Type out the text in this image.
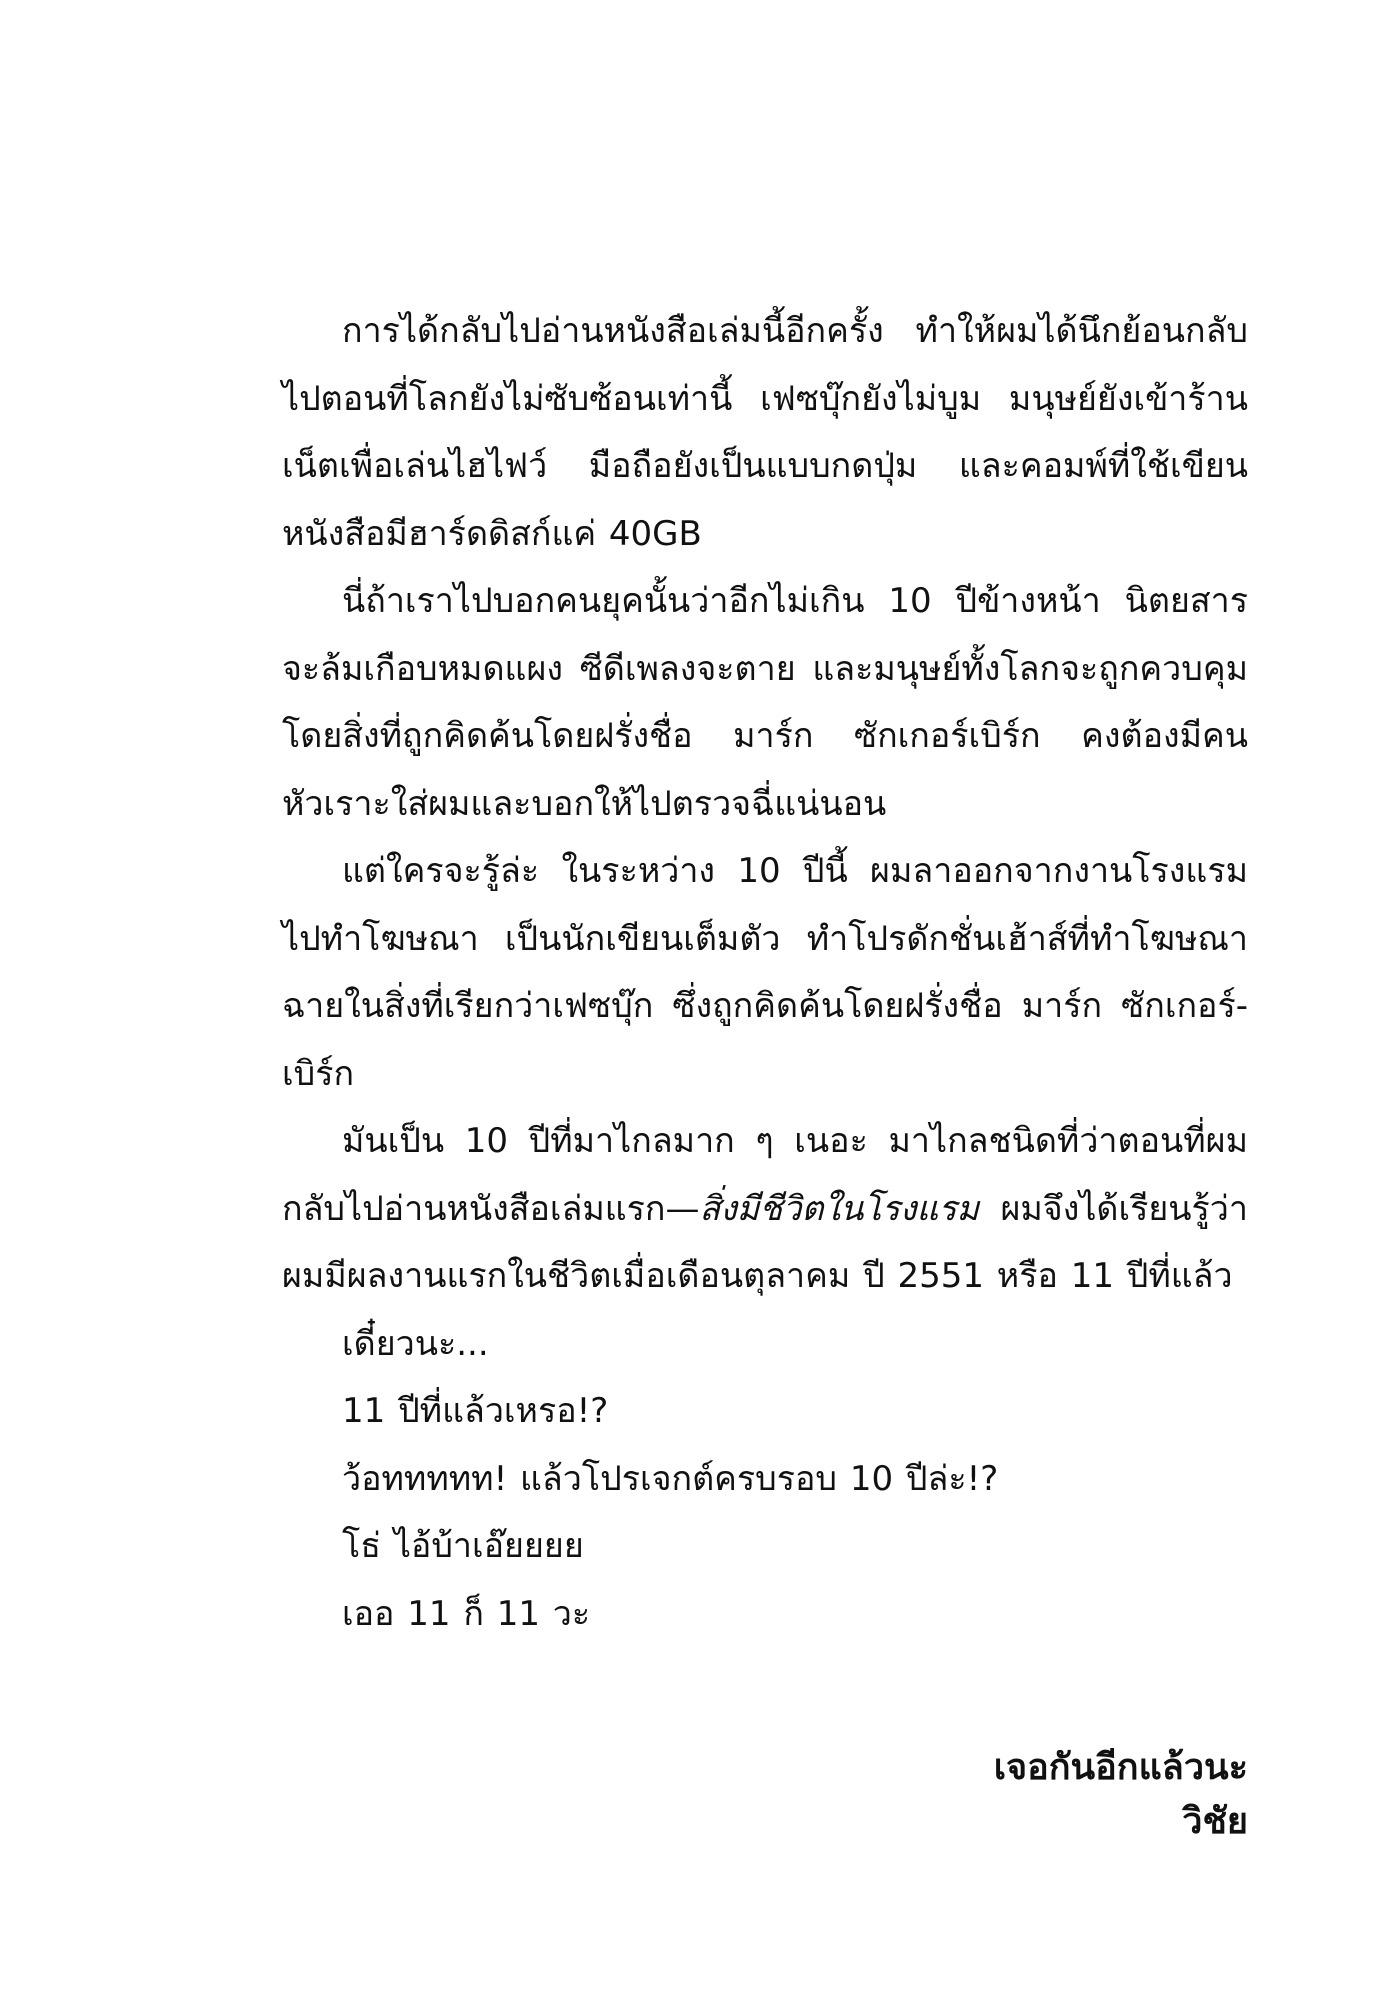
การได้กลับไปอ่านหนังสือเล่มนี้อีกครั้ง ทำให้ผมได้นึกย้อนกลับไปตอนที่โลกยังไม่ซับซ้อนเท่านี้ เฟซบุ๊กยังไม่บูม มนุษย์ยังเข้าร้านเน็ตเพื่อเล่นไฮไฟว์ มือถือยังเป็นแบบกดปุ่ม และคอมพ์ที่ใช้เขียนหนังสือมีฮาร์ดดิสก์แค่ 40GB

นี่ถ้าเราไปบอกคนยุคนั้นว่าอีกไม่เกิน 10 ปีข้างหน้า นิตยสารจะล้มเกือบหมดแผง ซีดีเพลงจะตาย และมนุษย์ทั้งโลกจะถูกควบคุมโดยสิ่งที่ถูกคิดค้นโดยฝรั่งชื่อ มาร์ก ซักเกอร์เบิร์ก คงต้องมีคนหัวเราะใส่ผมและบอกให้ไปตรวจฉี่แน่นอน

แต่ใครจะรู้ล่ะ ในระหว่าง 10 ปีนี้ ผมลาออกจากงานโรงแรมไปทำโฆษณา เป็นนักเขียนเต็มตัว ทำโปรดักชั่นเฮ้าส์ที่ทำโฆษณาฉายในสิ่งที่เรียกว่าเฟซบุ๊ก ซึ่งถูกคิดค้นโดยฝรั่งชื่อ มาร์ก ซักเกอร์-เบิร์ก

มันเป็น 10 ปีที่มาไกลมาก ๆ เนอะ มาไกลชนิดที่ว่าตอนที่ผมกลับไปอ่านหนังสือเล่มแรก—สิ่งมีชีวิตในโรงแรม ผมจึงได้เรียนรู้ว่าผมมีผลงานแรกในชีวิตเมื่อเดือนตุลาคม ปี 2551 หรือ 11 ปีที่แล้ว

เดี๋ยวนะ...

11 ปีที่แล้วเหรอ!?

ว้อททททท! แล้วโปรเจกต์ครบรอบ 10 ปีล่ะ!?

โธ่ ไอ้บ้าเอ๊ยยยย

เออ 11 ก็ 11 วะ

เจอกันอีกแล้วนะ
วิชัย
